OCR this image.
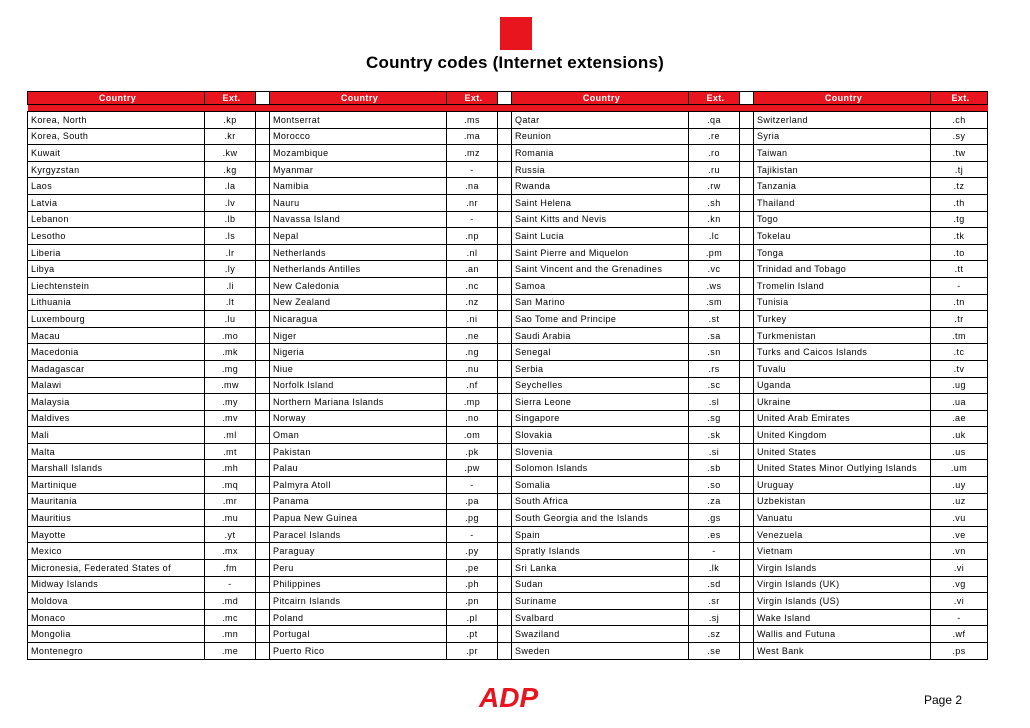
Country codes (Internet extensions)
Country	Ext.		Country	Ext.		Country	Ext.		Country	Ext.

Korea, North	.kp		Montserrat	.ms		Qatar	.qa		Switzerland	.ch
Korea, South	.kr		Morocco	.ma		Reunion	.re		Syria	.sy
Kuwait	.kw		Mozambique	.mz		Romania	.ro		Taiwan	.tw
Kyrgyzstan	.kg		Myanmar	-		Russia	.ru		Tajikistan	.tj
Laos	.la		Namibia	.na		Rwanda	.rw		Tanzania	.tz
Latvia	.lv		Nauru	.nr		Saint Helena	.sh		Thailand	.th
Lebanon	.lb		Navassa Island	-		Saint Kitts and Nevis	.kn		Togo	.tg
Lesotho	.ls		Nepal	.np		Saint Lucia	.lc		Tokelau	.tk
Liberia	.lr		Netherlands	.nl		Saint Pierre and Miquelon	.pm		Tonga	.to
Libya	.ly		Netherlands Antilles	.an		Saint Vincent and the Grenadines	.vc		Trinidad and Tobago	.tt
Liechtenstein	.li		New Caledonia	.nc		Samoa	.ws		Tromelin Island	-
Lithuania	.lt		New Zealand	.nz		San Marino	.sm		Tunisia	.tn
Luxembourg	.lu		Nicaragua	.ni		Sao Tome and Principe	.st		Turkey	.tr
Macau	.mo		Niger	.ne		Saudi Arabia	.sa		Turkmenistan	.tm
Macedonia	.mk		Nigeria	.ng		Senegal	.sn		Turks and Caicos Islands	.tc
Madagascar	.mg		Niue	.nu		Serbia	.rs		Tuvalu	.tv
Malawi	.mw		Norfolk Island	.nf		Seychelles	.sc		Uganda	.ug
Malaysia	.my		Northern Mariana Islands	.mp		Sierra Leone	.sl		Ukraine	.ua
Maldives	.mv		Norway	.no		Singapore	.sg		United Arab Emirates	.ae
Mali	.ml		Oman	.om		Slovakia	.sk		United Kingdom	.uk
Malta	.mt		Pakistan	.pk		Slovenia	.si		United States	.us
Marshall Islands	.mh		Palau	.pw		Solomon Islands	.sb		United States Minor Outlying Islands	.um
Martinique	.mq		Palmyra Atoll	-		Somalia	.so		Uruguay	.uy
Mauritania	.mr		Panama	.pa		South Africa	.za		Uzbekistan	.uz
Mauritius	.mu		Papua New Guinea	.pg		South Georgia and the Islands	.gs		Vanuatu	.vu
Mayotte	.yt		Paracel Islands	-		Spain	.es		Venezuela	.ve
Mexico	.mx		Paraguay	.py		Spratly Islands	-		Vietnam	.vn
Micronesia, Federated States of	.fm		Peru	.pe		Sri Lanka	.lk		Virgin Islands	.vi
Midway Islands	-		Philippines	.ph		Sudan	.sd		Virgin Islands (UK)	.vg
Moldova	.md		Pitcairn Islands	.pn		Suriname	.sr		Virgin Islands (US)	.vi
Monaco	.mc		Poland	.pl		Svalbard	.sj		Wake Island	-
Mongolia	.mn		Portugal	.pt		Swaziland	.sz		Wallis and Futuna	.wf
Montenegro	.me		Puerto Rico	.pr		Sweden	.se		West Bank	.ps
ADP	Page 2
